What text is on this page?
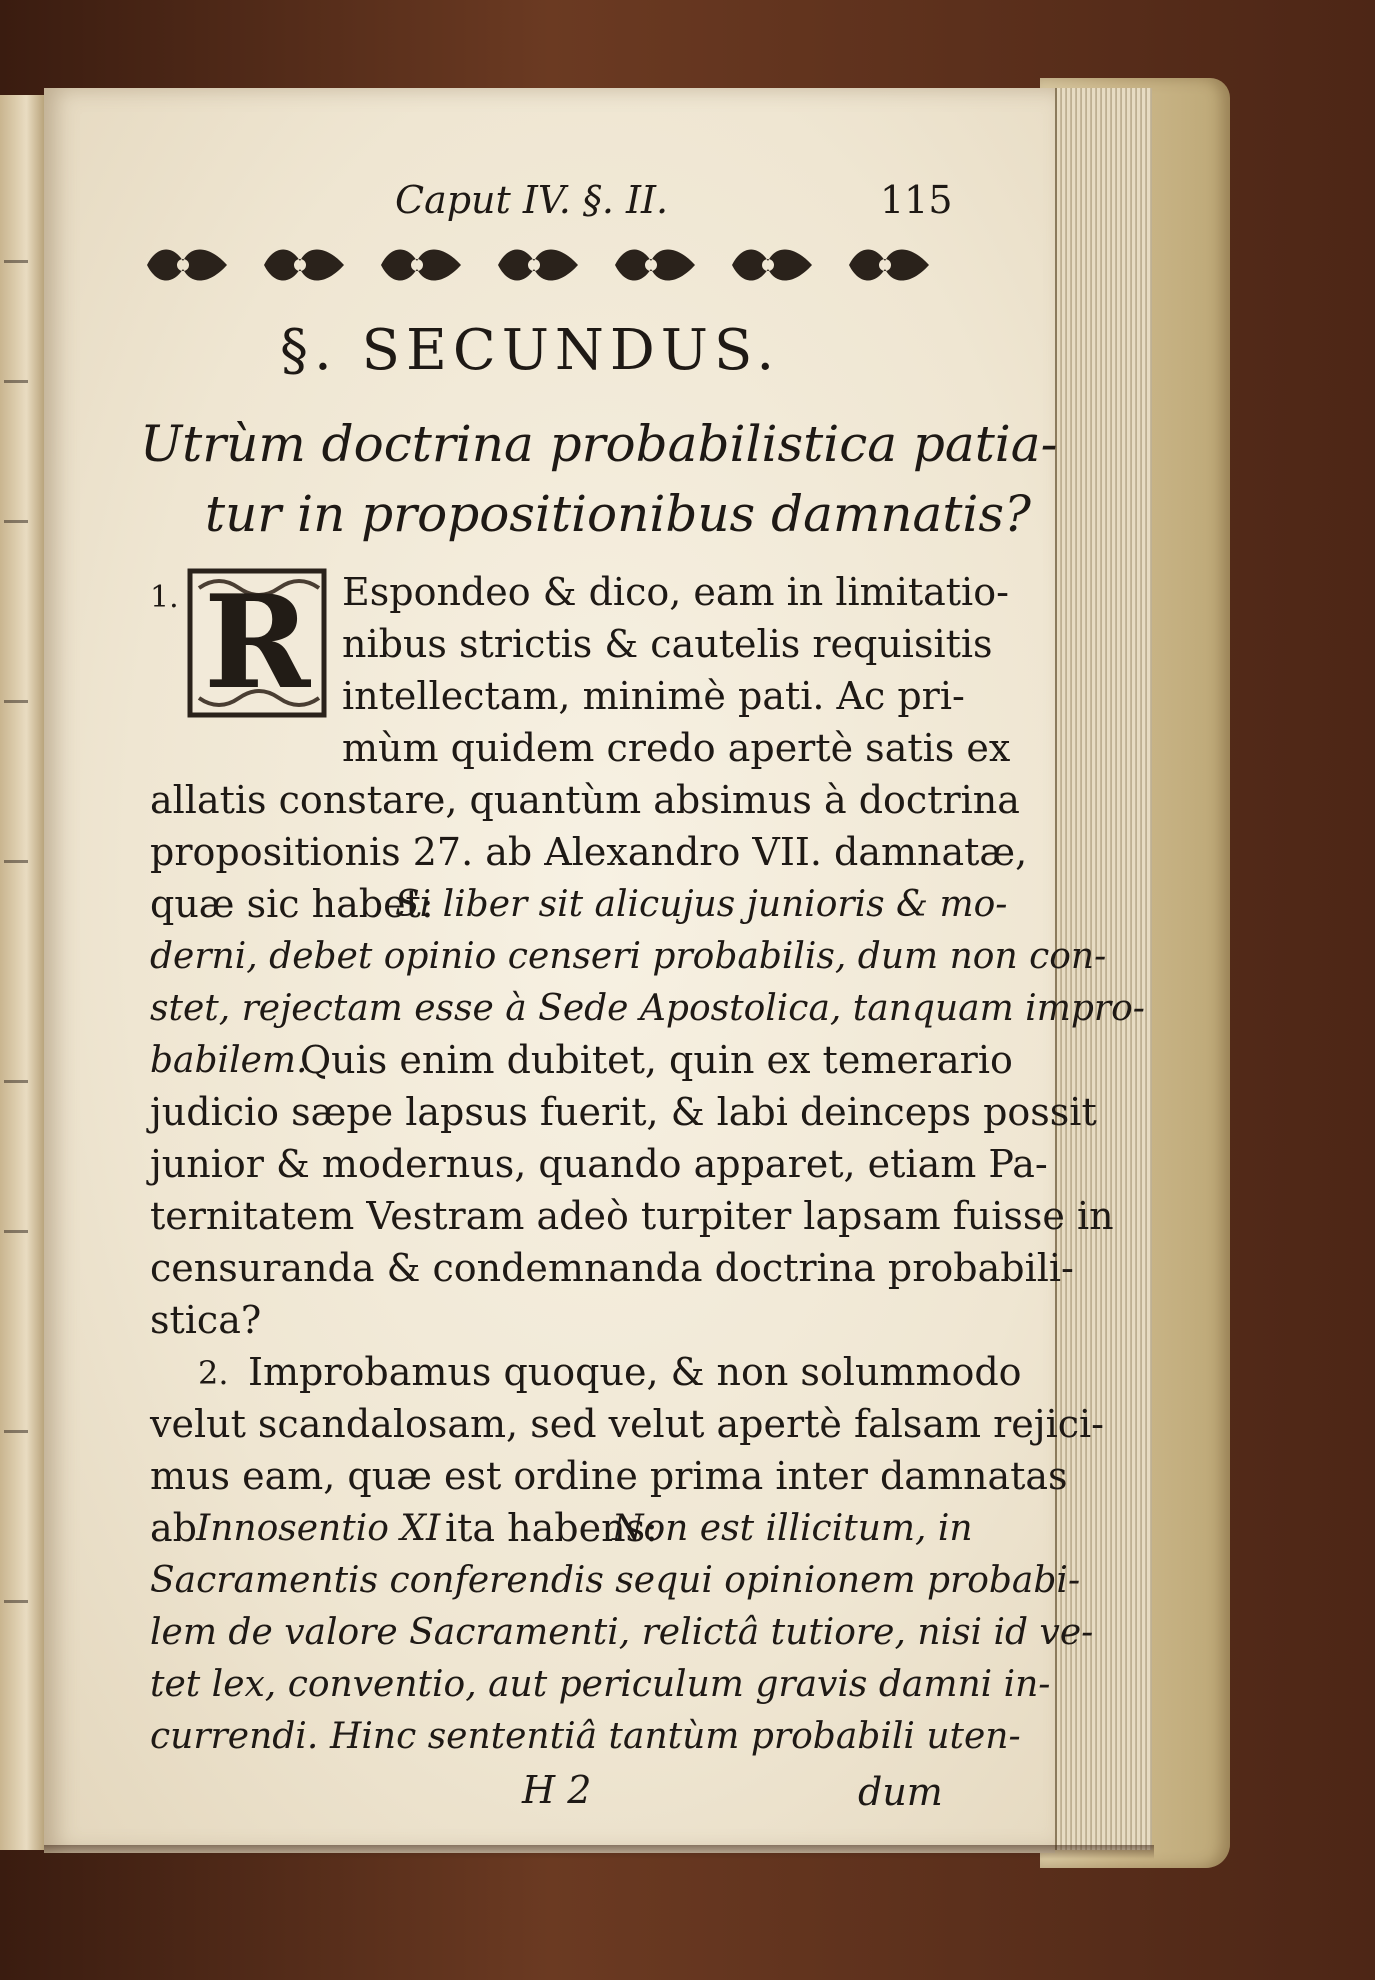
Caput IV. §. II.	115
§. SECUNDUS.
Utrùm doctrina probabilistica patia-
tur in propositionibus damnatis?
1. R Espondeo & dico, eam in limitatio-
nibus strictis & cautelis requisitis
intellectam, minimè pati. Ac pri-
mùm quidem credo apertè satis ex
allatis constare, quantùm absimus à doctrina
propositionis 27. ab Alexandro VII. damnatæ,
quæ sic habet:
Si liber sit alicujus junioris & mo-
derni, debet opinio censeri probabilis, dum non con-
stet, rejectam esse à Sede Apostolica, tanquam impro-
babilem.
Quis enim dubitet, quin ex temerario
judicio sæpe lapsus fuerit, & labi deinceps possit
junior & modernus, quando apparet, etiam Pa-
ternitatem Vestram adeò turpiter lapsam fuisse in
censuranda & condemnanda doctrina probabili-
stica?
2. Improbamus quoque, & non solummodo
velut scandalosam, sed velut apertè falsam rejici-
mus eam, quæ est ordine prima inter damnatas
ab Innosentio XI ita habens:
Non est illicitum, in
Sacramentis conferendis sequi opinionem probabi-
lem de valore Sacramenti, relictâ tutiore, nisi id ve-
tet lex, conventio, aut periculum gravis damni in-
currendi. Hinc sententiâ tantùm probabili uten-
H 2	dum
